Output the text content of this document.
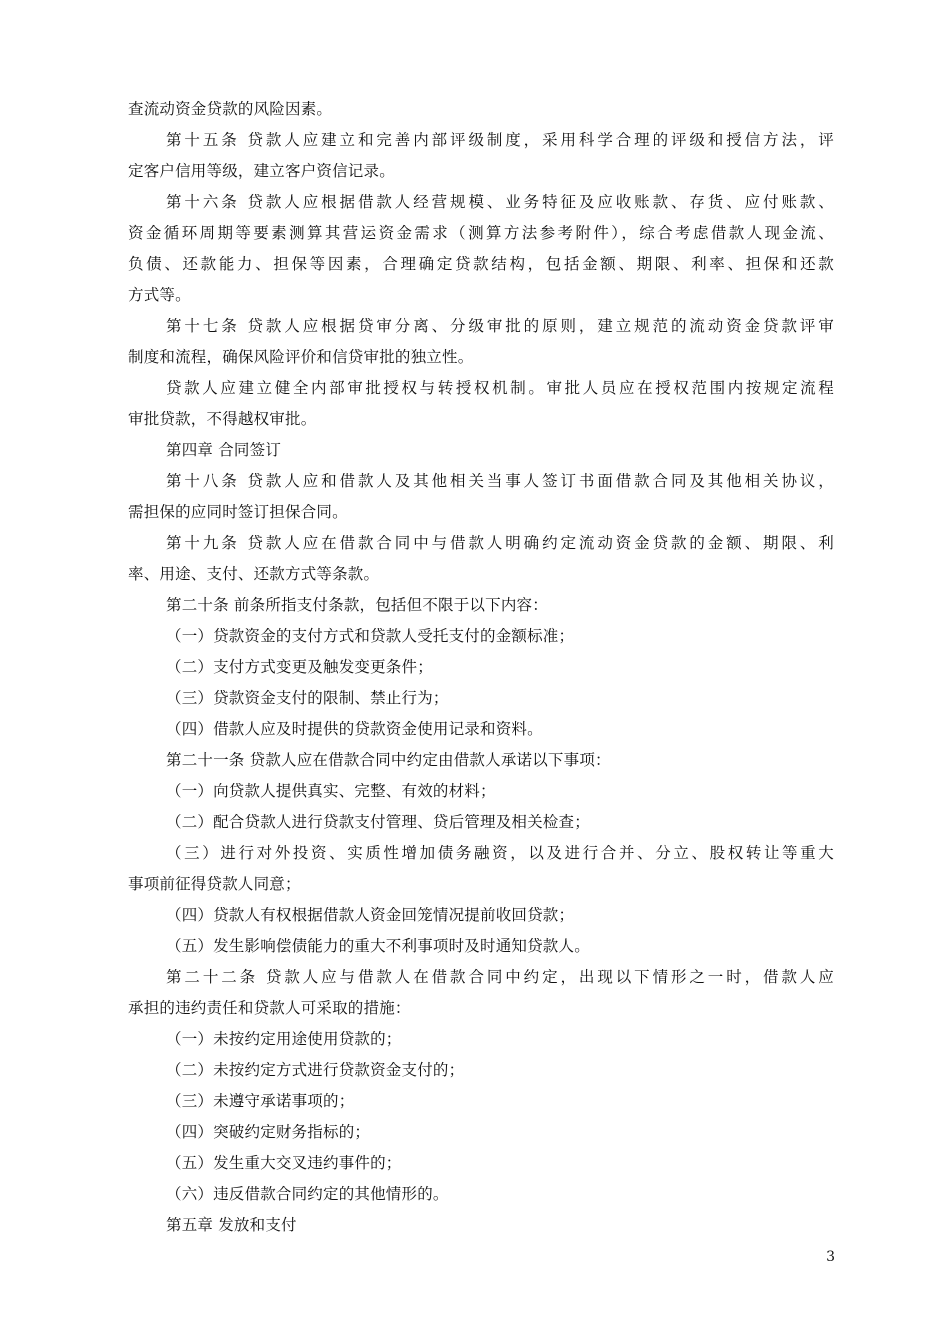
查流动资金贷款的风险因素。
第十五条 贷款人应建立和完善内部评级制度，采用科学合理的评级和授信方法，评
定客户信用等级，建立客户资信记录。
第十六条 贷款人应根据借款人经营规模、业务特征及应收账款、存货、应付账款、
资金循环周期等要素测算其营运资金需求（测算方法参考附件），综合考虑借款人现金流、
负债、还款能力、担保等因素，合理确定贷款结构，包括金额、期限、利率、担保和还款
方式等。
第十七条 贷款人应根据贷审分离、分级审批的原则，建立规范的流动资金贷款评审
制度和流程，确保风险评价和信贷审批的独立性。
贷款人应建立健全内部审批授权与转授权机制。审批人员应在授权范围内按规定流程
审批贷款，不得越权审批。
第四章 合同签订
第十八条 贷款人应和借款人及其他相关当事人签订书面借款合同及其他相关协议，
需担保的应同时签订担保合同。
第十九条 贷款人应在借款合同中与借款人明确约定流动资金贷款的金额、期限、利
率、用途、支付、还款方式等条款。
第二十条 前条所指支付条款，包括但不限于以下内容：
（一）贷款资金的支付方式和贷款人受托支付的金额标准；
（二）支付方式变更及触发变更条件；
（三）贷款资金支付的限制、禁止行为；
（四）借款人应及时提供的贷款资金使用记录和资料。
第二十一条 贷款人应在借款合同中约定由借款人承诺以下事项：
（一）向贷款人提供真实、完整、有效的材料；
（二）配合贷款人进行贷款支付管理、贷后管理及相关检查；
（三）进行对外投资、实质性增加债务融资，以及进行合并、分立、股权转让等重大
事项前征得贷款人同意；
（四）贷款人有权根据借款人资金回笼情况提前收回贷款；
（五）发生影响偿债能力的重大不利事项时及时通知贷款人。
第二十二条 贷款人应与借款人在借款合同中约定，出现以下情形之一时，借款人应
承担的违约责任和贷款人可采取的措施：
（一）未按约定用途使用贷款的；
（二）未按约定方式进行贷款资金支付的；
（三）未遵守承诺事项的；
（四）突破约定财务指标的；
（五）发生重大交叉违约事件的；
（六）违反借款合同约定的其他情形的。
第五章 发放和支付
3
